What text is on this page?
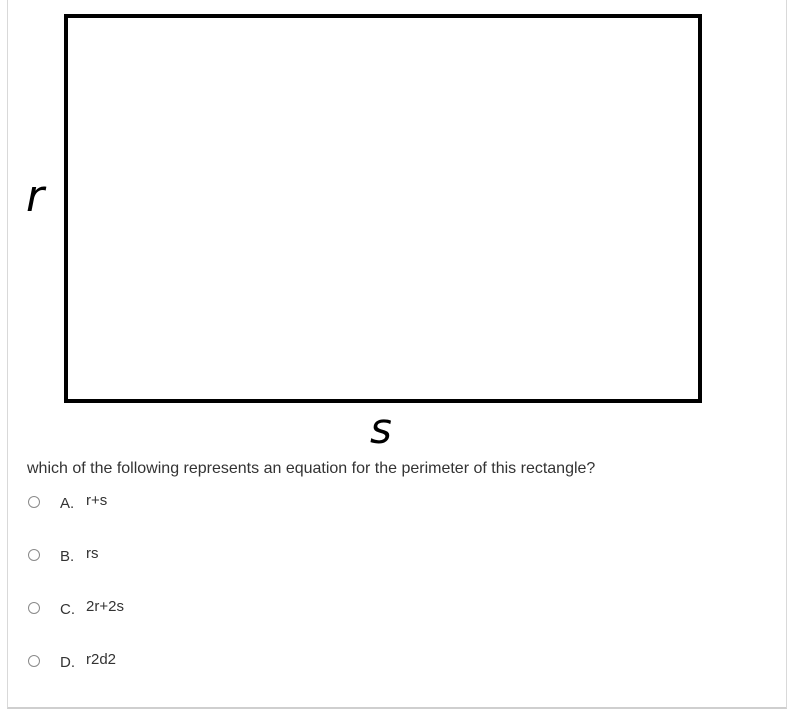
r
s
which of the following represents an equation for the perimeter of this rectangle?
A. r+s
B. rs
C. 2r+2s
D. r2d2
